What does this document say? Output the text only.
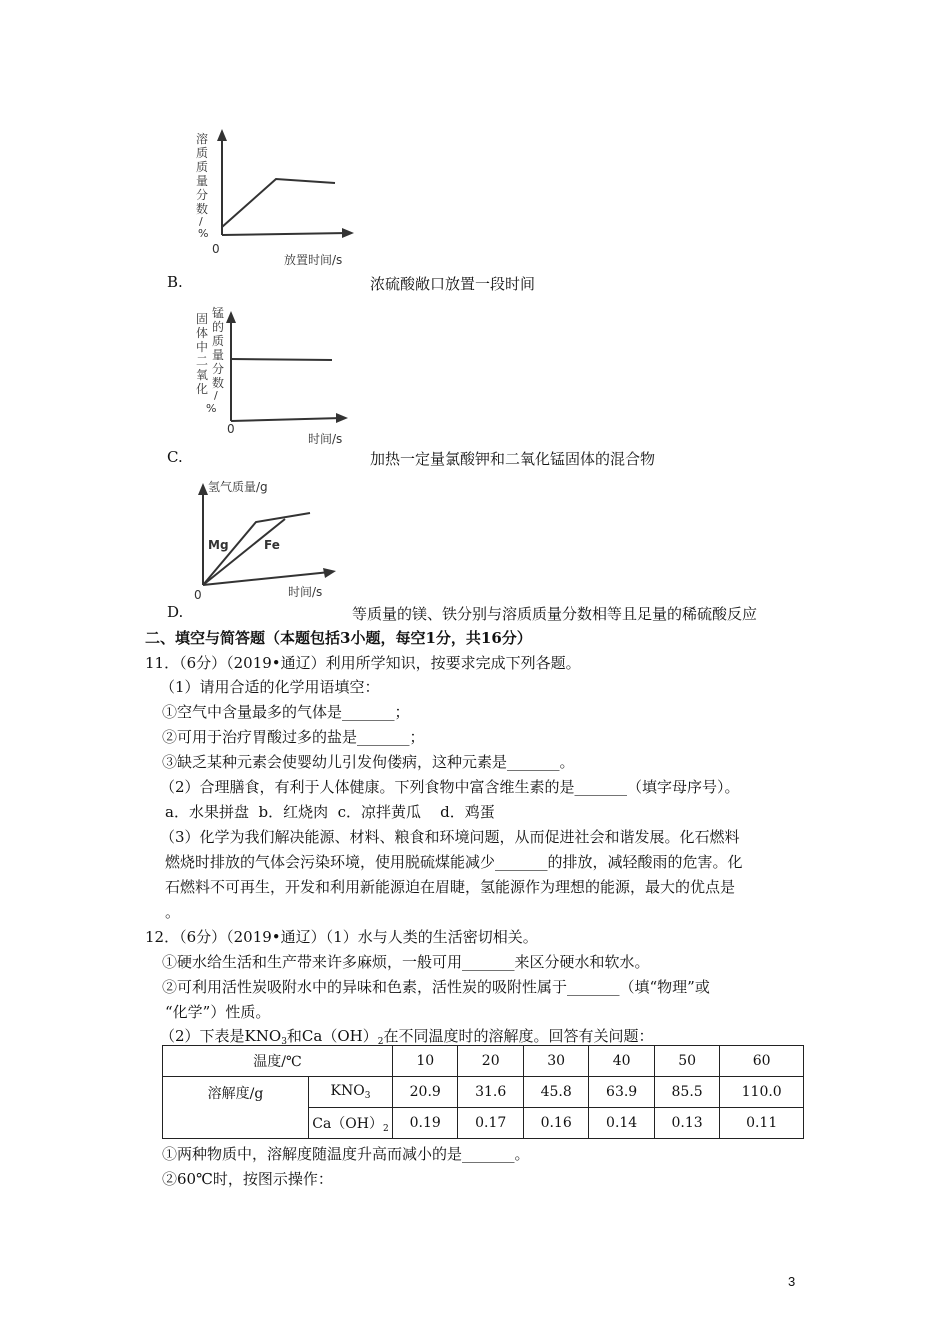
溶
质
质
量
分
数
/
%
0
放置时间/s
B.	浓硫酸敞口放置一段时间
固
体
中
二
氧
化
锰
的
质
量
分
数
/
%
0
时间/s
C.	加热一定量氯酸钾和二氧化锰固体的混合物
氢气质量/g
Mg	Fe
0	时间/s
D.	等质量的镁、铁分别与溶质质量分数相等且足量的稀硫酸反应
二、填空与简答题（本题包括3小题，每空1分，共16分）
11．（6分）（2019•通辽）利用所学知识，按要求完成下列各题。
（1）请用合适的化学用语填空：
①空气中含量最多的气体是_______；
②可用于治疗胃酸过多的盐是_______；
③缺乏某种元素会使婴幼儿引发佝偻病，这种元素是_______。
（2）合理膳食，有利于人体健康。下列食物中富含维生素的是_______（填字母序号）。
a．水果拼盘  b．红烧肉  c．凉拌黄瓜    d．鸡蛋
（3）化学为我们解决能源、材料、粮食和环境问题，从而促进社会和谐发展。化石燃料
燃烧时排放的气体会污染环境，使用脱硫煤能减少_______的排放，减轻酸雨的危害。化
石燃料不可再生，开发和利用新能源迫在眉睫，氢能源作为理想的能源，最大的优点是
。
12．（6分）（2019•通辽）（1）水与人类的生活密切相关。
①硬水给生活和生产带来许多麻烦，一般可用_______来区分硬水和软水。
②可利用活性炭吸附水中的异味和色素，活性炭的吸附性属于_______（填“物理”或
“化学”）性质。
（2）下表是$KNO_3$和$Ca(OH)_2$在不同温度时的溶解度。回答有关问题：
温度/℃		10	20	30	40	50	60
溶解度/g	$KNO_3$	20.9	31.6	45.8	63.9	85.5	110.0
	$Ca(OH)_2$	0.19	0.17	0.16	0.14	0.13	0.11
①两种物质中，溶解度随温度升高而减小的是_______。
②60℃时，按图示操作：
3
